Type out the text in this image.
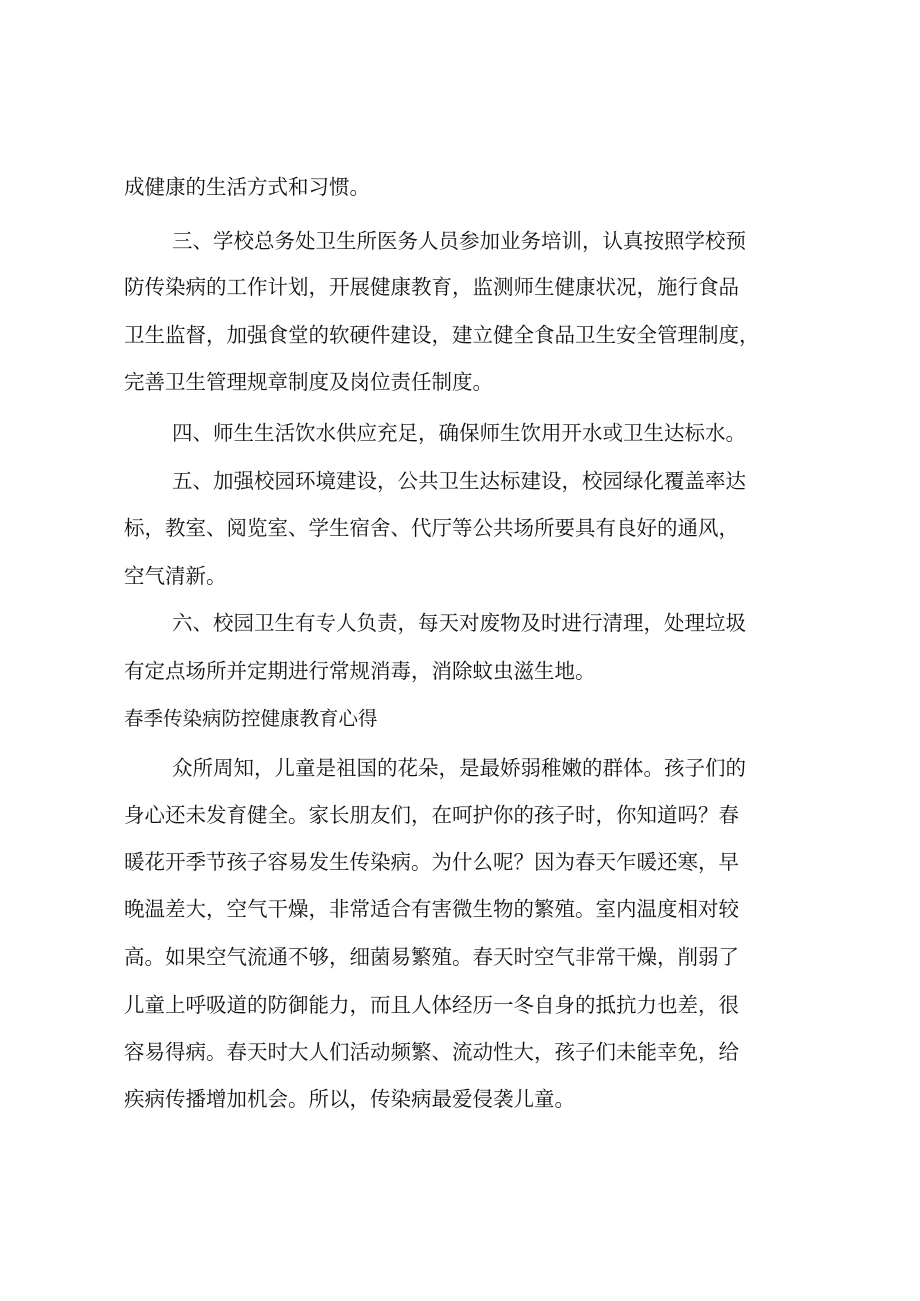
成健康的生活方式和习惯。
三、学校总务处卫生所医务人员参加业务培训，认真按照学校预
防传染病的工作计划，开展健康教育，监测师生健康状况，施行食品
卫生监督，加强食堂的软硬件建设，建立健全食品卫生安全管理制度，
完善卫生管理规章制度及岗位责任制度。
四、师生生活饮水供应充足，确保师生饮用开水或卫生达标水。
五、加强校园环境建设，公共卫生达标建设，校园绿化覆盖率达
标，教室、阅览室、学生宿舍、代厅等公共场所要具有良好的通风，
空气清新。
六、校园卫生有专人负责，每天对废物及时进行清理，处理垃圾
有定点场所并定期进行常规消毒，消除蚊虫滋生地。
春季传染病防控健康教育心得
众所周知，儿童是祖国的花朵，是最娇弱稚嫩的群体。孩子们的
身心还未发育健全。家长朋友们，在呵护你的孩子时，你知道吗？春
暖花开季节孩子容易发生传染病。为什么呢？因为春天乍暖还寒，早
晚温差大，空气干燥，非常适合有害微生物的繁殖。室内温度相对较
高。如果空气流通不够，细菌易繁殖。春天时空气非常干燥，削弱了
儿童上呼吸道的防御能力，而且人体经历一冬自身的抵抗力也差，很
容易得病。春天时大人们活动频繁、流动性大，孩子们未能幸免，给
疾病传播增加机会。所以，传染病最爱侵袭儿童。
